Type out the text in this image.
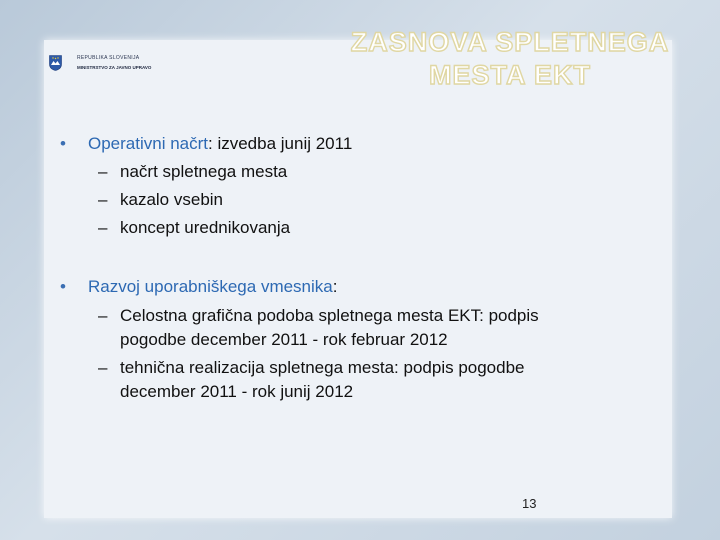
REPUBLIKA SLOVENIJA
MINISTRSTVO ZA JAVNO UPRAVO
ZASNOVA SPLETNEGA
MESTA EKT
• Operativni načrt: izvedba junij 2011
– načrt spletnega mesta
– kazalo vsebin
– koncept urednikovanja
• Razvoj uporabniškega vmesnika:
– Celostna grafična podoba spletnega mesta EKT: podpis
pogodbe december 2011 - rok februar 2012
– tehnična realizacija spletnega mesta: podpis pogodbe
december 2011 - rok junij 2012
13
